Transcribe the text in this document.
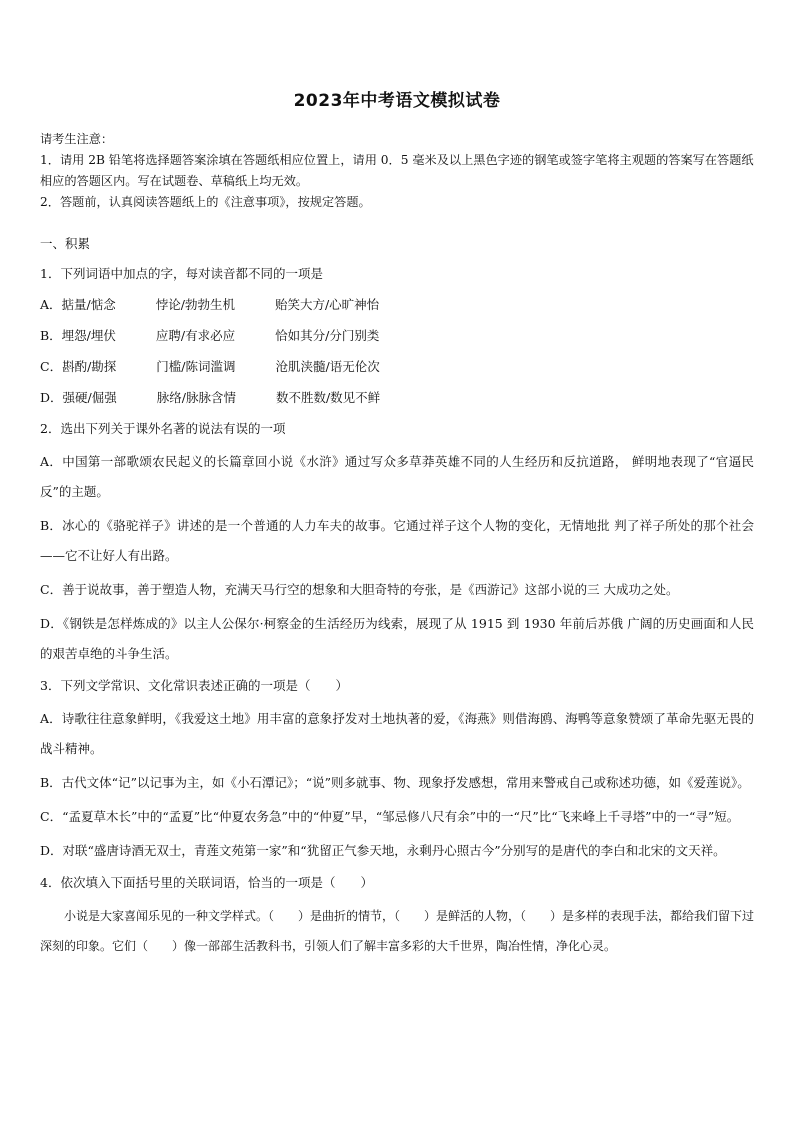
2023年中考语文模拟试卷

请考生注意：

1．请用 2B 铅笔将选择题答案涂填在答题纸相应位置上，请用 0．5 毫米及以上黑色字迹的钢笔或签字笔将主观题的答案写在答题纸相应的答题区内。写在试题卷、草稿纸上均无效。

2．答题前，认真阅读答题纸上的《注意事项》，按规定答题。

一、积累
1．下列词语中加点的字，每对读音都不同的一项是
A．掂量/惦念	悖论/勃勃生机	贻笑大方/心旷神怡
B．埋怨/埋伏	应聘/有求必应	恰如其分/分门别类
C．斟酌/勘探	门槛/陈词滥调	沧肌浃髓/语无伦次
D．强硬/倔强	脉络/脉脉含情	数不胜数/数见不鲜
2．选出下列关于课外名著的说法有误的一项
A．中国第一部歌颂农民起义的长篇章回小说《水浒》通过写众多草莽英雄不同的人生经历和反抗道路， 鲜明地表现了“官逼民反”的主题。
B．冰心的《骆驼祥子》讲述的是一个普通的人力车夫的故事。它通过祥子这个人物的变化，无情地批 判了祥子所处的那个社会——它不让好人有出路。
C．善于说故事，善于塑造人物，充满天马行空的想象和大胆奇特的夸张，是《西游记》这部小说的三 大成功之处。
D．《钢铁是怎样炼成的》以主人公保尔·柯察金的生活经历为线索，展现了从 1915 到 1930 年前后苏俄 广阔的历史画面和人民的艰苦卓绝的斗争生活。
3．下列文学常识、文化常识表述正确的一项是（　　）
A．诗歌往往意象鲜明，《我爱这土地》用丰富的意象抒发对土地执著的爱，《海燕》则借海鸥、海鸭等意象赞颂了革命先驱无畏的战斗精神。
B．古代文体“记”以记事为主，如《小石潭记》；“说”则多就事、物、现象抒发感想，常用来警戒自己或称述功德，如《爱莲说》。
C．“孟夏草木长”中的“孟夏”比“仲夏农务急”中的“仲夏”早，“邹忌修八尺有余”中的一“尺”比“飞来峰上千寻塔”中的一“寻”短。
D．对联“盛唐诗酒无双士，青莲文苑第一家”和“犹留正气参天地，永剩丹心照古今”分别写的是唐代的李白和北宋的文天祥。
4．依次填入下面括号里的关联词语，恰当的一项是（　　）
小说是大家喜闻乐见的一种文学样式。（　　）是曲折的情节，（　　）是鲜活的人物，（　　）是多样的表现手法，都给我们留下过深刻的印象。它们（　　）像一部部生活教科书，引领人们了解丰富多彩的大千世界，陶冶性情，净化心灵。
